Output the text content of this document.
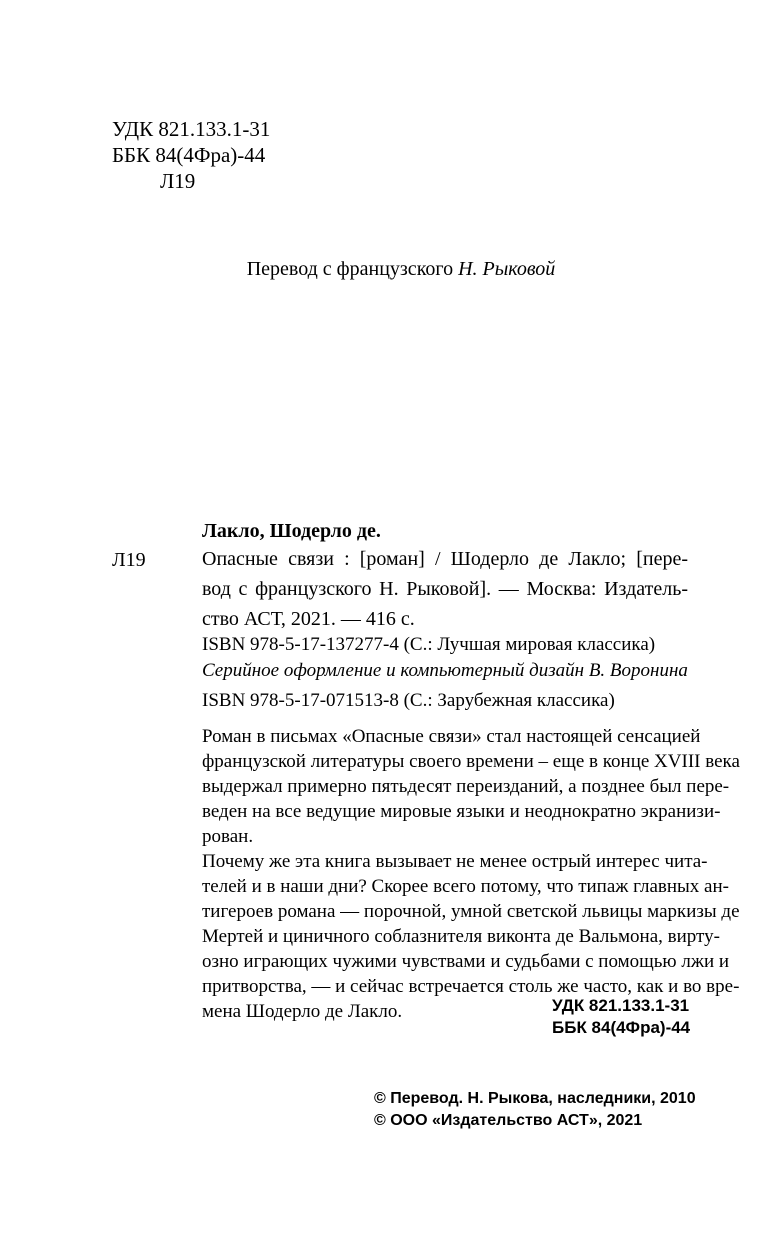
УДК 821.133.1-31
ББК 84(4Фра)-44
Л19
Перевод с французского Н. Рыковой
Лакло, Шодерло де.
Л19	Опасные связи : [роман] / Шодерло де Лакло; [пере-
вод с французского Н. Рыковой]. — Москва: Издатель-
ство АСТ, 2021. — 416 с.
ISBN 978-5-17-137277-4 (С.: Лучшая мировая классика)
Серийное оформление и компьютерный дизайн В. Воронина
ISBN 978-5-17-071513-8 (С.: Зарубежная классика)
Роман в письмах «Опасные связи» стал настоящей сенсацией
французской литературы своего времени – еще в конце XVIII века
выдержал примерно пятьдесят переизданий, а позднее был пере-
веден на все ведущие мировые языки и неоднократно экранизи-
рован.
Почему же эта книга вызывает не менее острый интерес чита-
телей и в наши дни? Скорее всего потому, что типаж главных ан-
тигероев романа — порочной, умной светской львицы маркизы де
Мертей и циничного соблазнителя виконта де Вальмона, вирту-
озно играющих чужими чувствами и судьбами с помощью лжи и
притворства, — и сейчас встречается столь же часто, как и во вре-
мена Шодерло де Лакло.	УДК 821.133.1-31
ББК 84(4Фра)-44
© Перевод. Н. Рыкова, наследники, 2010
© ООО «Издательство АСТ», 2021
